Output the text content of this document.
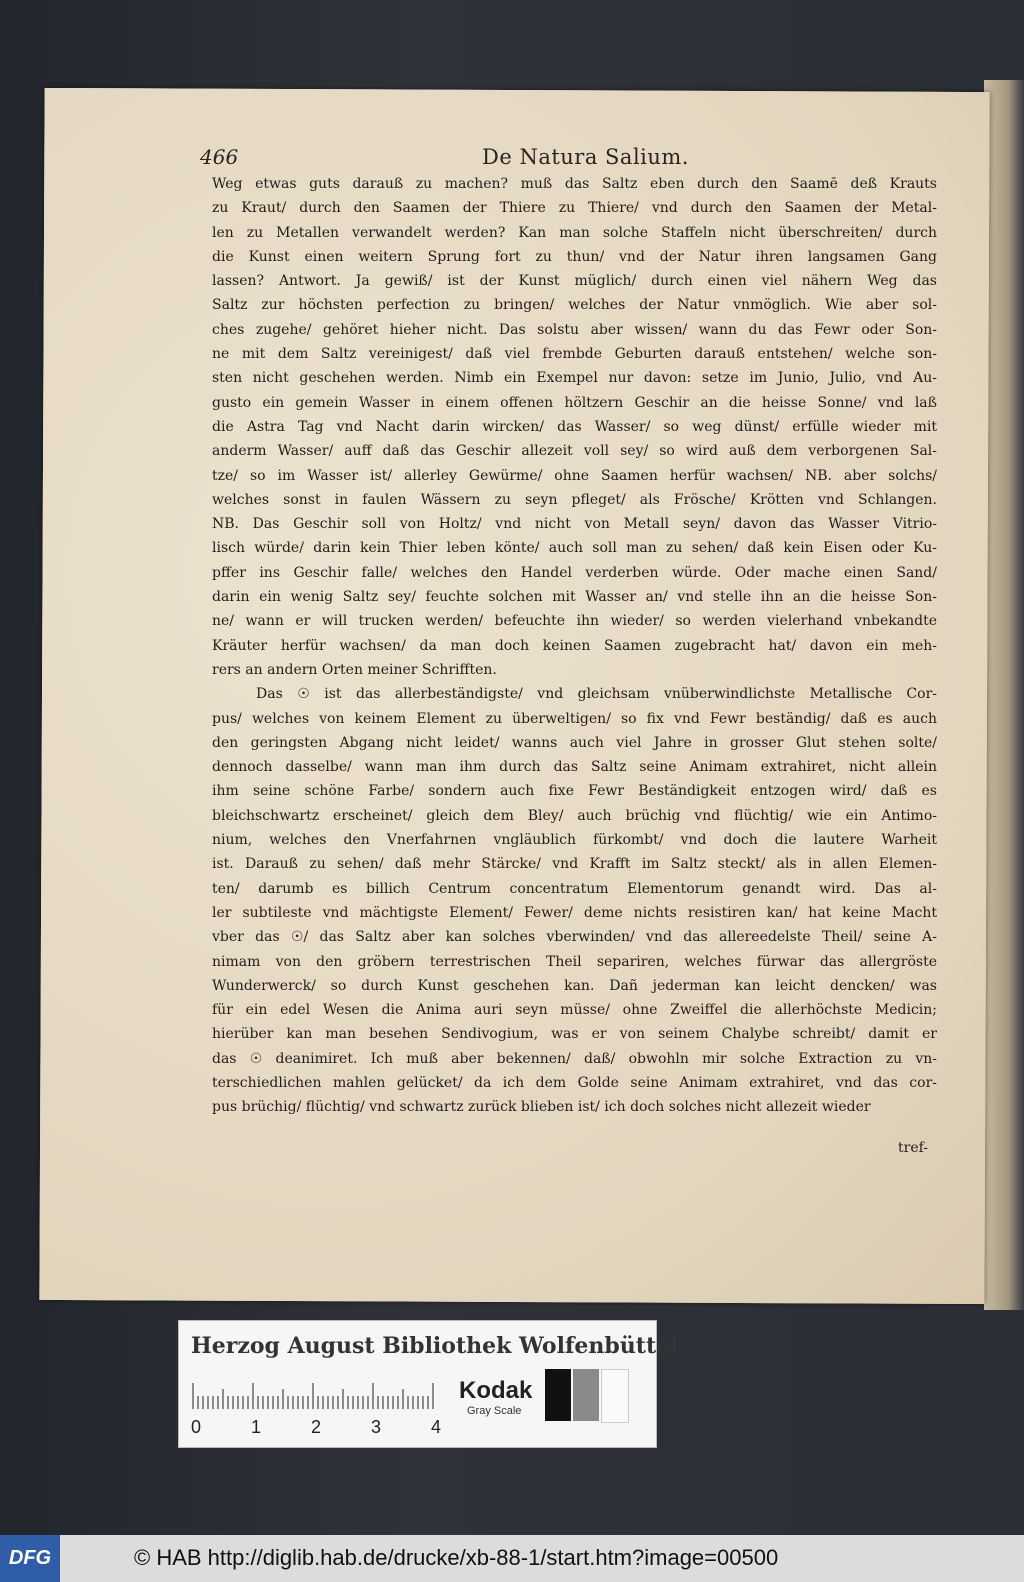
466	De Natura Salium.
Weg etwas guts darauß zu machen? muß das Saltz eben durch den Saamē deß Krauts
zu Kraut/ durch den Saamen der Thiere zu Thiere/ vnd durch den Saamen der Metal-
len zu Metallen verwandelt werden? Kan man solche Staffeln nicht überschreiten/ durch
die Kunst einen weitern Sprung fort zu thun/ vnd der Natur ihren langsamen Gang
lassen? Antwort. Ja gewiß/ ist der Kunst müglich/ durch einen viel nähern Weg das
Saltz zur höchsten perfection zu bringen/ welches der Natur vnmöglich. Wie aber sol-
ches zugehe/ gehöret hieher nicht. Das solstu aber wissen/ wann du das Fewr oder Son-
ne mit dem Saltz vereinigest/ daß viel frembde Geburten darauß entstehen/ welche son-
sten nicht geschehen werden. Nimb ein Exempel nur davon: setze im Junio, Julio, vnd Au-
gusto ein gemein Wasser in einem offenen höltzern Geschir an die heisse Sonne/ vnd laß
die Astra Tag vnd Nacht darin wircken/ das Wasser/ so weg dünst/ erfülle wieder mit
anderm Wasser/ auff daß das Geschir allezeit voll sey/ so wird auß dem verborgenen Sal-
tze/ so im Wasser ist/ allerley Gewürme/ ohne Saamen herfür wachsen/ NB. aber solchs/
welches sonst in faulen Wässern zu seyn pfleget/ als Frösche/ Krötten vnd Schlangen.
NB. Das Geschir soll von Holtz/ vnd nicht von Metall seyn/ davon das Wasser Vitrio-
lisch würde/ darin kein Thier leben könte/ auch soll man zu sehen/ daß kein Eisen oder Ku-
pffer ins Geschir falle/ welches den Handel verderben würde. Oder mache einen Sand/
darin ein wenig Saltz sey/ feuchte solchen mit Wasser an/ vnd stelle ihn an die heisse Son-
ne/ wann er will trucken werden/ befeuchte ihn wieder/ so werden vielerhand vnbekandte
Kräuter herfür wachsen/ da man doch keinen Saamen zugebracht hat/ davon ein meh-
rers an andern Orten meiner Schrifften.
Das ☉ ist das allerbeständigste/ vnd gleichsam vnüberwindlichste Metallische Cor-
pus/ welches von keinem Element zu überweltigen/ so fix vnd Fewr beständig/ daß es auch
den geringsten Abgang nicht leidet/ wanns auch viel Jahre in grosser Glut stehen solte/
dennoch dasselbe/ wann man ihm durch das Saltz seine Animam extrahiret, nicht allein
ihm seine schöne Farbe/ sondern auch fixe Fewr Beständigkeit entzogen wird/ daß es
bleichschwartz erscheinet/ gleich dem Bley/ auch brüchig vnd flüchtig/ wie ein Antimo-
nium, welches den Vnerfahrnen vngläublich fürkombt/ vnd doch die lautere Warheit
ist. Darauß zu sehen/ daß mehr Stärcke/ vnd Krafft im Saltz steckt/ als in allen Elemen-
ten/ darumb es billich Centrum concentratum Elementorum genandt wird. Das al-
ler subtileste vnd mächtigste Element/ Fewer/ deme nichts resistiren kan/ hat keine Macht
vber das ☉/ das Saltz aber kan solches vberwinden/ vnd das allereedelste Theil/ seine A-
nimam von den gröbern terrestrischen Theil separiren, welches fürwar das allergröste
Wunderwerck/ so durch Kunst geschehen kan. Dañ jederman kan leicht dencken/ was
für ein edel Wesen die Anima auri seyn müsse/ ohne Zweiffel die allerhöchste Medicin;
hierüber kan man besehen Sendivogium, was er von seinem Chalybe schreibt/ damit er
das ☉ deanimiret. Ich muß aber bekennen/ daß/ obwohln mir solche Extraction zu vn-
terschiedlichen mahlen gelücket/ da ich dem Golde seine Animam extrahiret, vnd das cor-
pus brüchig/ flüchtig/ vnd schwartz zurück blieben ist/ ich doch solches nicht allezeit wieder
tref-
Herzog August Bibliothek Wolfenbüttel
0	1	2	3	4
Kodak
Gray Scale
DFG	© HAB http://diglib.hab.de/drucke/xb-88-1/start.htm?image=00500
